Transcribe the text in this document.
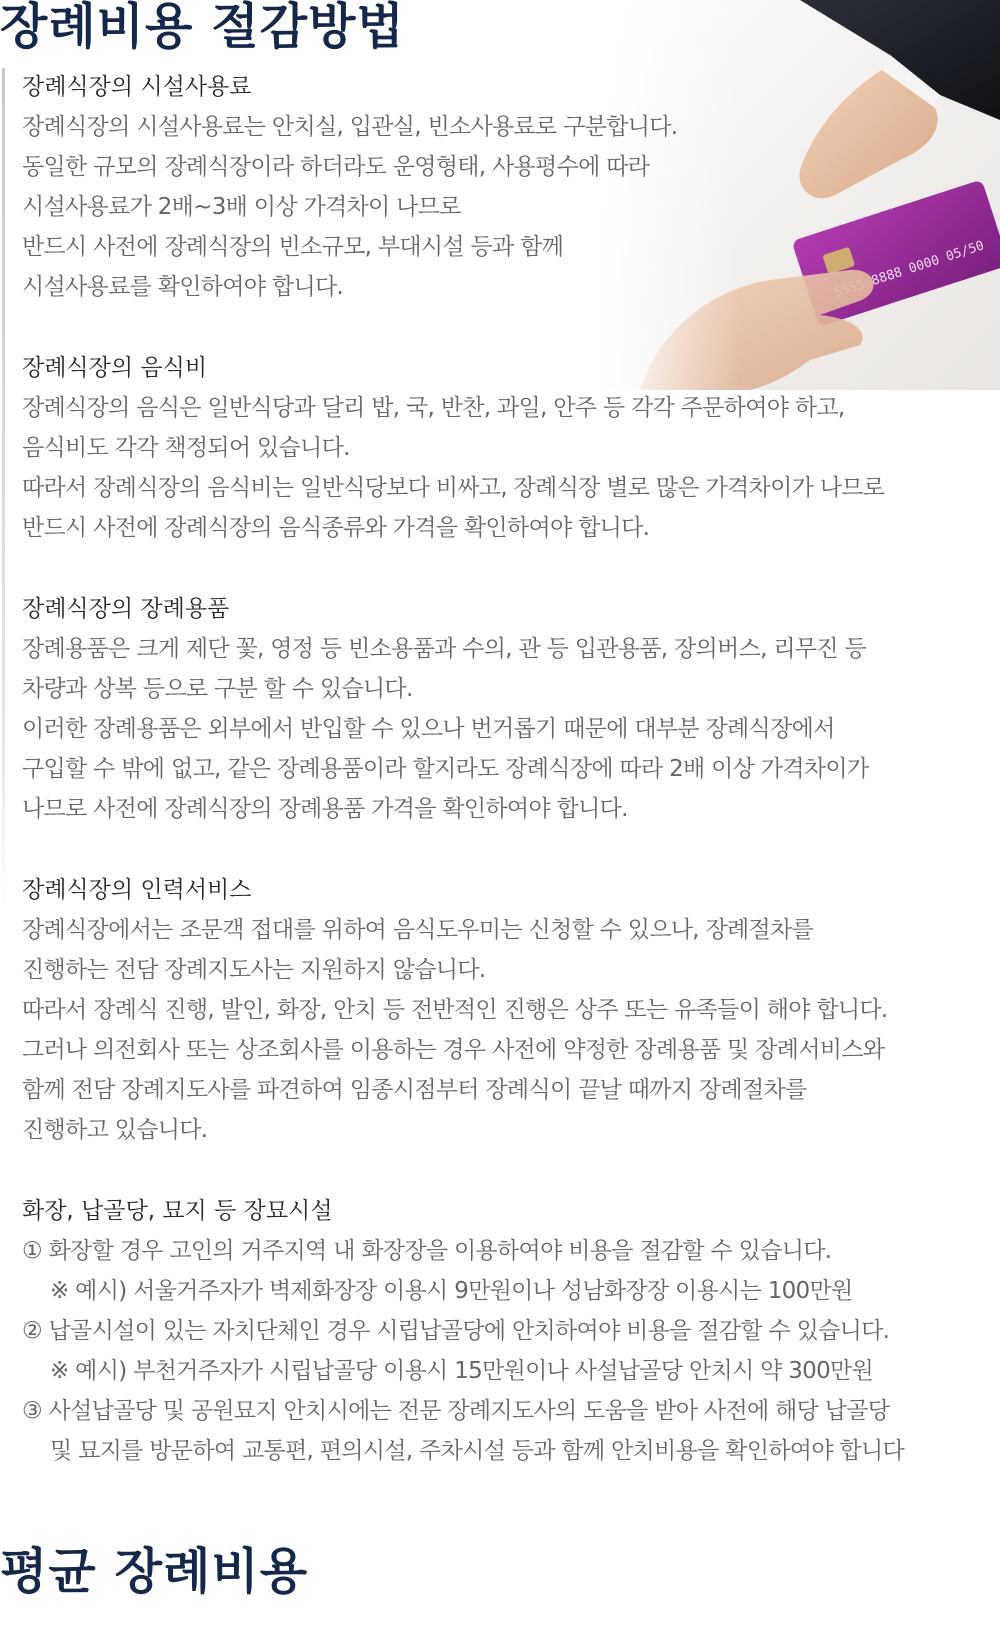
장례비용 절감방법
장례식장의 시설사용료
장례식장의 시설사용료는 안치실, 입관실, 빈소사용료로 구분합니다.
동일한 규모의 장례식장이라 하더라도 운영형태, 사용평수에 따라
시설사용료가 2배~3배 이상 가격차이 나므로
반드시 사전에 장례식장의 빈소규모, 부대시설 등과 함께
시설사용료를 확인하여야 합니다.
장례식장의 음식비
장례식장의 음식은 일반식당과 달리 밥, 국, 반찬, 과일, 안주 등 각각 주문하여야 하고,
음식비도 각각 책정되어 있습니다.
따라서 장례식장의 음식비는 일반식당보다 비싸고, 장례식장 별로 많은 가격차이가 나므로
반드시 사전에 장례식장의 음식종류와 가격을 확인하여야 합니다.
장례식장의 장례용품
장례용품은 크게 제단 꽃, 영정 등 빈소용품과 수의, 관 등 입관용품, 장의버스, 리무진 등
차량과 상복 등으로 구분 할 수 있습니다.
이러한 장례용품은 외부에서 반입할 수 있으나 번거롭기 때문에 대부분 장례식장에서
구입할 수 밖에 없고, 같은 장례용품이라 할지라도 장례식장에 따라 2배 이상 가격차이가
나므로 사전에 장례식장의 장례용품 가격을 확인하여야 합니다.
장례식장의 인력서비스
장례식장에서는 조문객 접대를 위하여 음식도우미는 신청할 수 있으나, 장례절차를
진행하는 전담 장례지도사는 지원하지 않습니다.
따라서 장례식 진행, 발인, 화장, 안치 등 전반적인 진행은 상주 또는 유족들이 해야 합니다.
그러나 의전회사 또는 상조회사를 이용하는 경우 사전에 약정한 장례용품 및 장례서비스와
함께 전담 장례지도사를 파견하여 임종시점부터 장례식이 끝날 때까지 장례절차를
진행하고 있습니다.
화장, 납골당, 묘지 등 장묘시설
① 화장할 경우 고인의 거주지역 내 화장장을 이용하여야 비용을 절감할 수 있습니다.
※ 예시) 서울거주자가 벽제화장장 이용시 9만원이나 성남화장장 이용시는 100만원
② 납골시설이 있는 자치단체인 경우 시립납골당에 안치하여야 비용을 절감할 수 있습니다.
※ 예시) 부천거주자가 시립납골당 이용시 15만원이나 사설납골당 안치시 약 300만원
③ 사설납골당 및 공원묘지 안치시에는 전문 장례지도사의 도움을 받아 사전에 해당 납골당
및 묘지를 방문하여 교통편, 편의시설, 주차시설 등과 함께 안치비용을 확인하여야 합니다
평균 장례비용
